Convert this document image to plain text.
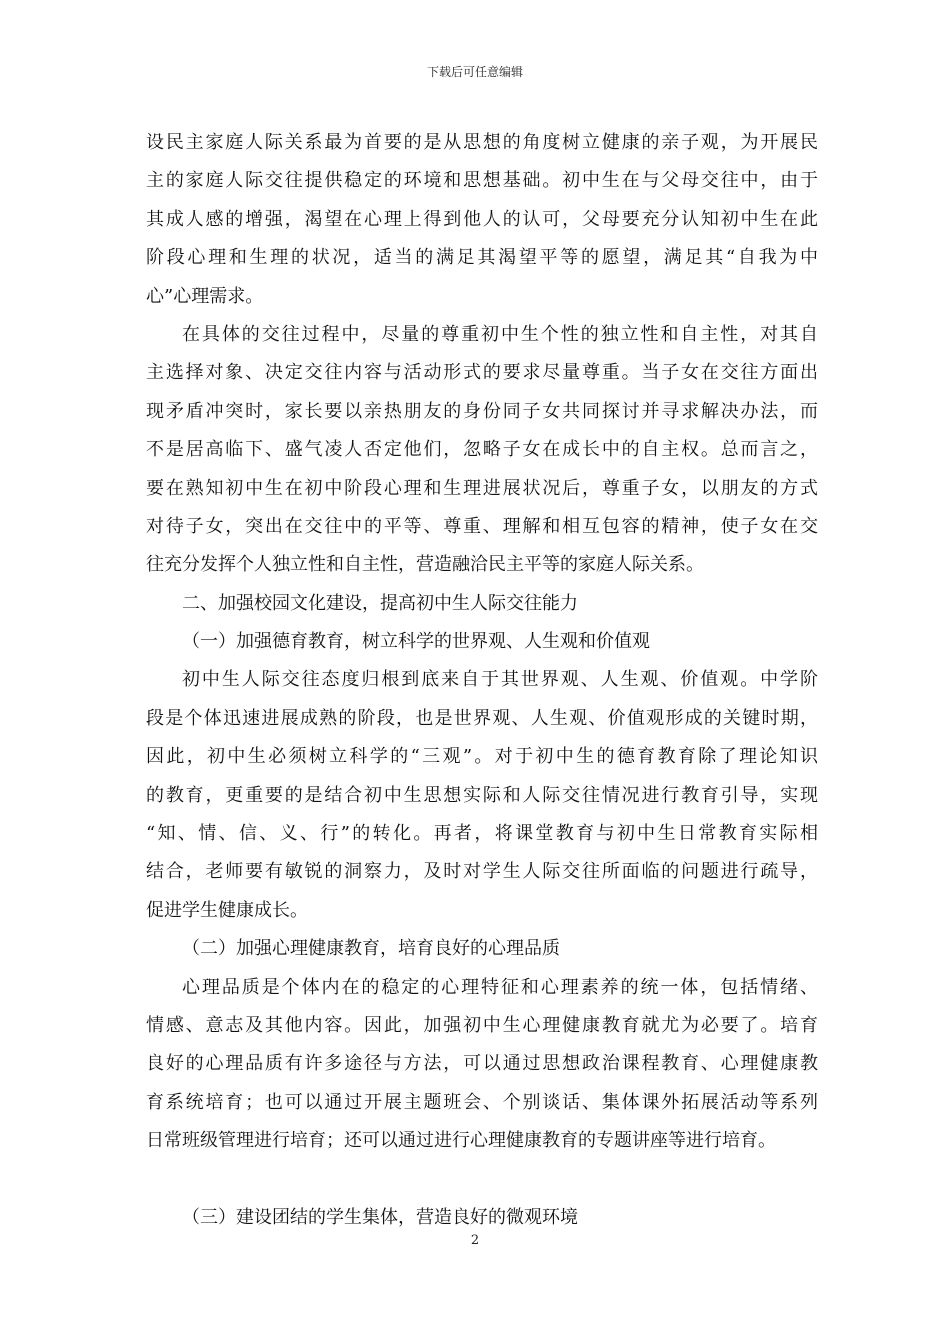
下载后可任意编辑
设民主家庭人际关系最为首要的是从思想的角度树立健康的亲子观，为开展民
主的家庭人际交往提供稳定的环境和思想基础。初中生在与父母交往中，由于
其成人感的增强，渴望在心理上得到他人的认可，父母要充分认知初中生在此
阶段心理和生理的状况，适当的满足其渴望平等的愿望，满足其“自我为中
心”心理需求。
在具体的交往过程中，尽量的尊重初中生个性的独立性和自主性，对其自
主选择对象、决定交往内容与活动形式的要求尽量尊重。当子女在交往方面出
现矛盾冲突时，家长要以亲热朋友的身份同子女共同探讨并寻求解决办法，而
不是居高临下、盛气凌人否定他们，忽略子女在成长中的自主权。总而言之，
要在熟知初中生在初中阶段心理和生理进展状况后，尊重子女，以朋友的方式
对待子女，突出在交往中的平等、尊重、理解和相互包容的精神，使子女在交
往充分发挥个人独立性和自主性，营造融洽民主平等的家庭人际关系。
二、加强校园文化建设，提高初中生人际交往能力
（一）加强德育教育，树立科学的世界观、人生观和价值观
初中生人际交往态度归根到底来自于其世界观、人生观、价值观。中学阶
段是个体迅速进展成熟的阶段，也是世界观、人生观、价值观形成的关键时期，
因此，初中生必须树立科学的“三观”。对于初中生的德育教育除了理论知识
的教育，更重要的是结合初中生思想实际和人际交往情况进行教育引导，实现
“知、情、信、义、行”的转化。再者，将课堂教育与初中生日常教育实际相
结合，老师要有敏锐的洞察力，及时对学生人际交往所面临的问题进行疏导，
促进学生健康成长。
（二）加强心理健康教育，培育良好的心理品质
心理品质是个体内在的稳定的心理特征和心理素养的统一体，包括情绪、
情感、意志及其他内容。因此，加强初中生心理健康教育就尤为必要了。培育
良好的心理品质有许多途径与方法，可以通过思想政治课程教育、心理健康教
育系统培育；也可以通过开展主题班会、个别谈话、集体课外拓展活动等系列
日常班级管理进行培育；还可以通过进行心理健康教育的专题讲座等进行培育。
（三）建设团结的学生集体，营造良好的微观环境
2
